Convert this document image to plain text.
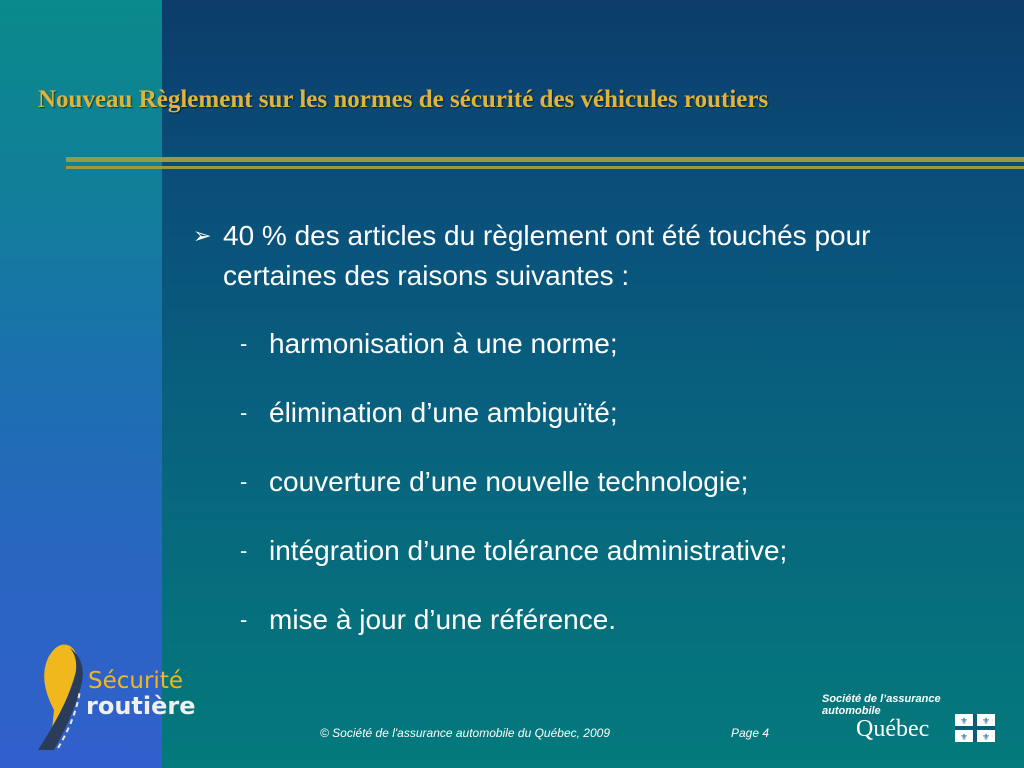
Nouveau Règlement sur les normes de sécurité des véhicules routiers
➢ 40 % des articles du règlement ont été touchés pour certaines des raisons suivantes :
- harmonisation à une norme;
- élimination d’une ambiguïté;
- couverture d’une nouvelle technologie;
- intégration d’une tolérance administrative;
- mise à jour d’une référence.
Sécurité
routière
© Société de l'assurance automobile du Québec, 2009	Page 4
Société de l’assurance
automobile
Québec	⚜ ⚜
⚜ ⚜
